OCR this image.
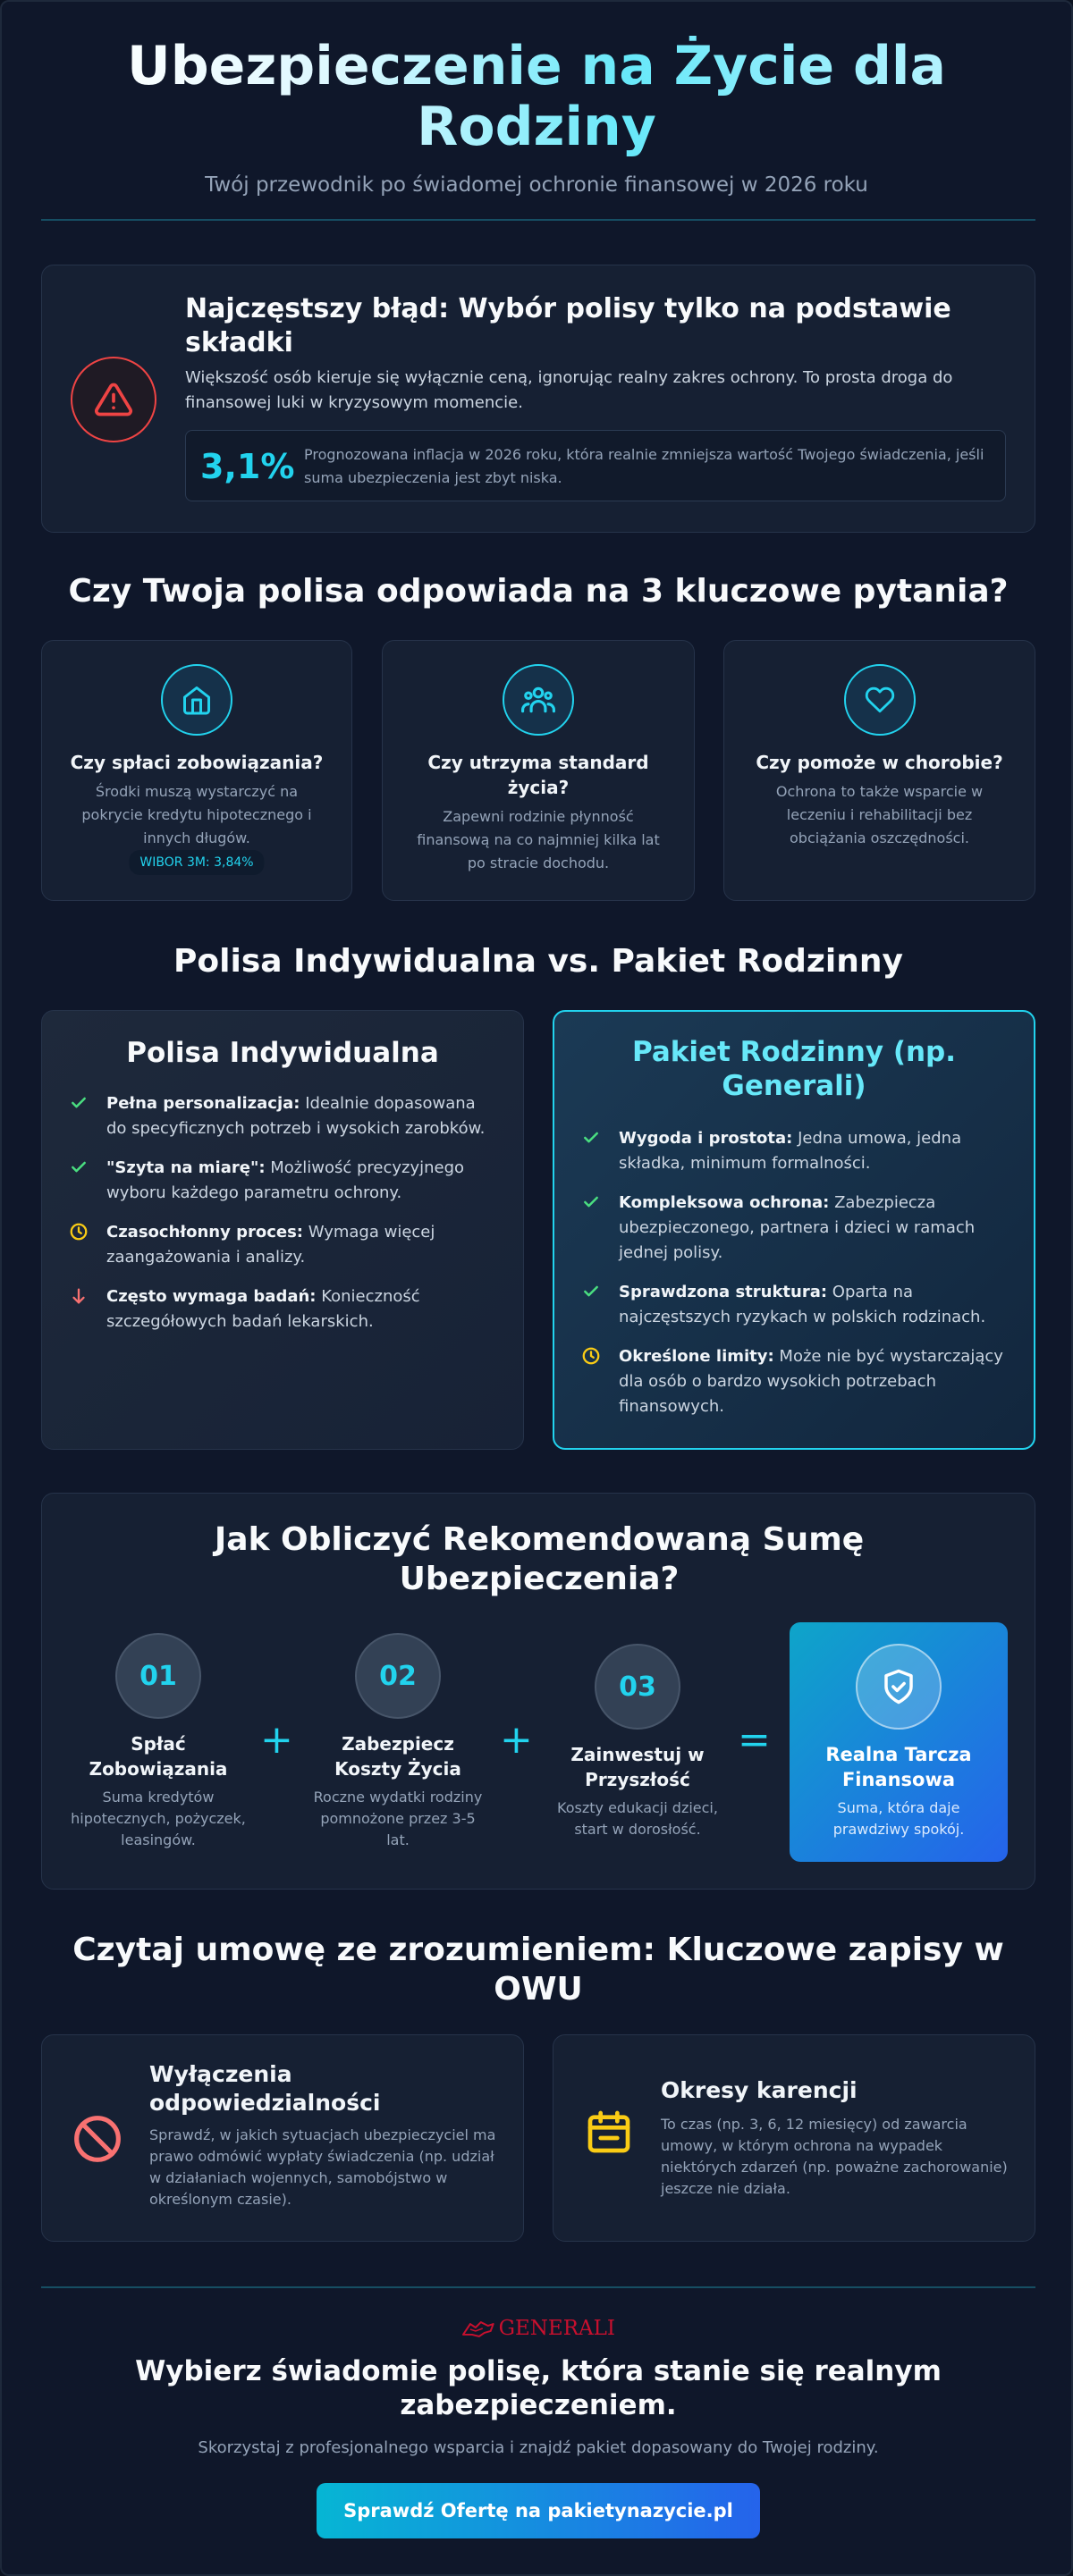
Ubezpieczenie na Życie dla Rodziny
Twój przewodnik po świadomej ochronie finansowej w 2026 roku
Najczęstszy błąd: Wybór polisy tylko na podstawie składki
Większość osób kieruje się wyłącznie ceną, ignorując realny zakres ochrony. To prosta droga do finansowej luki w kryzysowym momencie.
3,1% Prognozowana inflacja w 2026 roku, która realnie zmniejsza wartość Twojego świadczenia, jeśli suma ubezpieczenia jest zbyt niska.
Czy Twoja polisa odpowiada na 3 kluczowe pytania?
Czy spłaci zobowiązania?
Środki muszą wystarczyć na pokrycie kredytu hipotecznego i innych długów.
WIBOR 3M: 3,84%
Czy utrzyma standard życia?
Zapewni rodzinie płynność finansową na co najmniej kilka lat po stracie dochodu.
Czy pomoże w chorobie?
Ochrona to także wsparcie w leczeniu i rehabilitacji bez obciążania oszczędności.
Polisa Indywidualna vs. Pakiet Rodzinny
Polisa Indywidualna
Pełna personalizacja: Idealnie dopasowana do specyficznych potrzeb i wysokich zarobków.
"Szyta na miarę": Możliwość precyzyjnego wyboru każdego parametru ochrony.
Czasochłonny proces: Wymaga więcej zaangażowania i analizy.
Często wymaga badań: Konieczność szczegółowych badań lekarskich.
Pakiet Rodzinny (np. Generali)
Wygoda i prostota: Jedna umowa, jedna składka, minimum formalności.
Kompleksowa ochrona: Zabezpiecza ubezpieczonego, partnera i dzieci w ramach jednej polisy.
Sprawdzona struktura: Oparta na najczęstszych ryzykach w polskich rodzinach.
Określone limity: Może nie być wystarczający dla osób o bardzo wysokich potrzebach finansowych.
Jak Obliczyć Rekomendowaną Sumę Ubezpieczenia?
01
Spłać Zobowiązania
Suma kredytów hipotecznych, pożyczek, leasingów.
+
02
Zabezpiecz Koszty Życia
Roczne wydatki rodziny pomnożone przez 3-5 lat.
+
03
Zainwestuj w Przyszłość
Koszty edukacji dzieci, start w dorosłość.
=	Realna Tarcza Finansowa
Suma, która daje prawdziwy spokój.
Czytaj umowę ze zrozumieniem: Kluczowe zapisy w OWU
Wyłączenia odpowiedzialności
Sprawdź, w jakich sytuacjach ubezpieczyciel ma prawo odmówić wypłaty świadczenia (np. udział w działaniach wojennych, samobójstwo w określonym czasie).
Okresy karencji
To czas (np. 3, 6, 12 miesięcy) od zawarcia umowy, w którym ochrona na wypadek niektórych zdarzeń (np. poważne zachorowanie) jeszcze nie działa.
GENERALI
Wybierz świadomie polisę, która stanie się realnym zabezpieczeniem.
Skorzystaj z profesjonalnego wsparcia i znajdź pakiet dopasowany do Twojej rodziny.
Sprawdź Ofertę na pakietynazycie.pl
